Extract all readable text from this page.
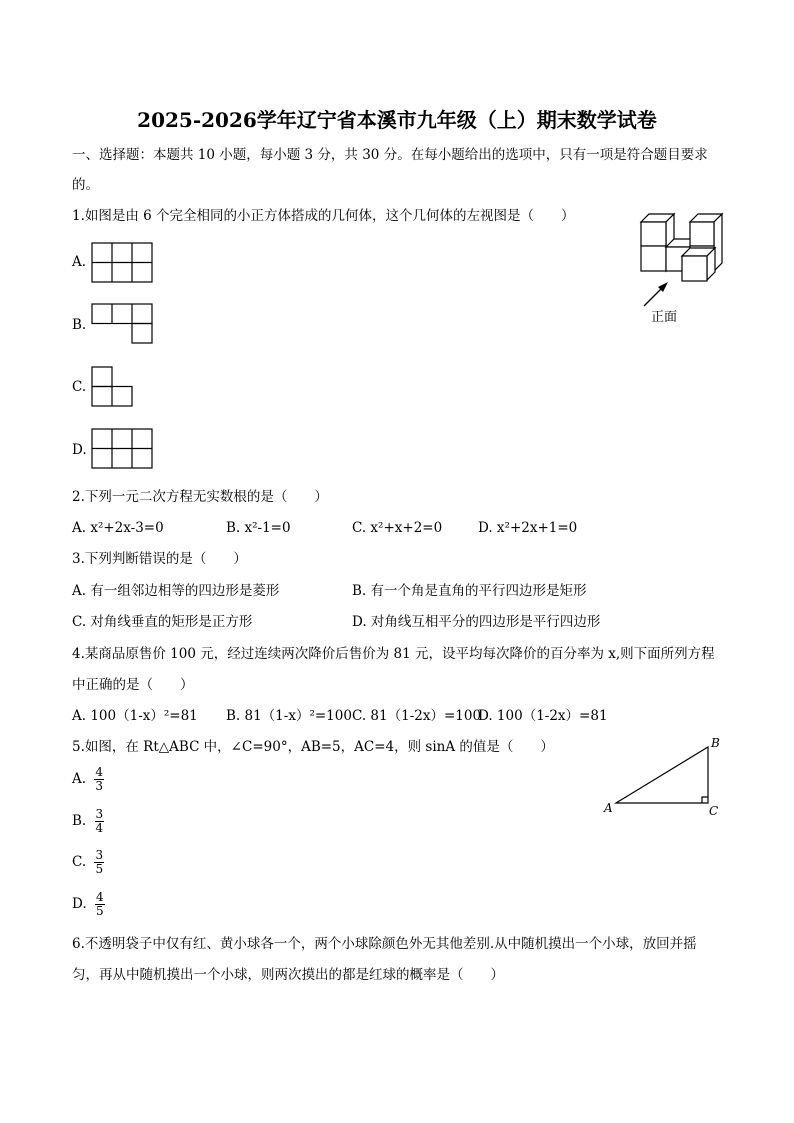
2025-2026学年辽宁省本溪市九年级（上）期末数学试卷
一、选择题：本题共 10 小题，每小题 3 分，共 30 分。在每小题给出的选项中，只有一项是符合题目要求
的。
1.如图是由 6 个完全相同的小正方体搭成的几何体，这个几何体的左视图是（　　）
正面
A.
B.
C.
D.
2.下列一元二次方程无实数根的是（　　）
A. x²+2x-3=0	B. x²-1=0	C. x²+x+2=0	D. x²+2x+1=0
3.下列判断错误的是（　　）
A. 有一组邻边相等的四边形是菱形	B. 有一个角是直角的平行四边形是矩形
C. 对角线垂直的矩形是正方形	D. 对角线互相平分的四边形是平行四边形
4.某商品原售价 100 元，经过连续两次降价后售价为 81 元，设平均每次降价的百分率为 x,则下面所列方程
中正确的是（　　）
A. 100（1-x）²=81 B. 81（1-x）²=100 C. 81（1-2x）=100
D. 100（1-2x）=81
5.如图，在 Rt△ABC 中，∠C=90°，AB=5，AC=4，则 sinA 的值是（　　）	B
A	C
A. $\frac{4}{3}$
B. $\frac{3}{4}$
C. $\frac{3}{5}$
D. $\frac{4}{5}$
6.不透明袋子中仅有红、黄小球各一个，两个小球除颜色外无其他差别.从中随机摸出一个小球，放回并摇
匀，再从中随机摸出一个小球，则两次摸出的都是红球的概率是（　　）
